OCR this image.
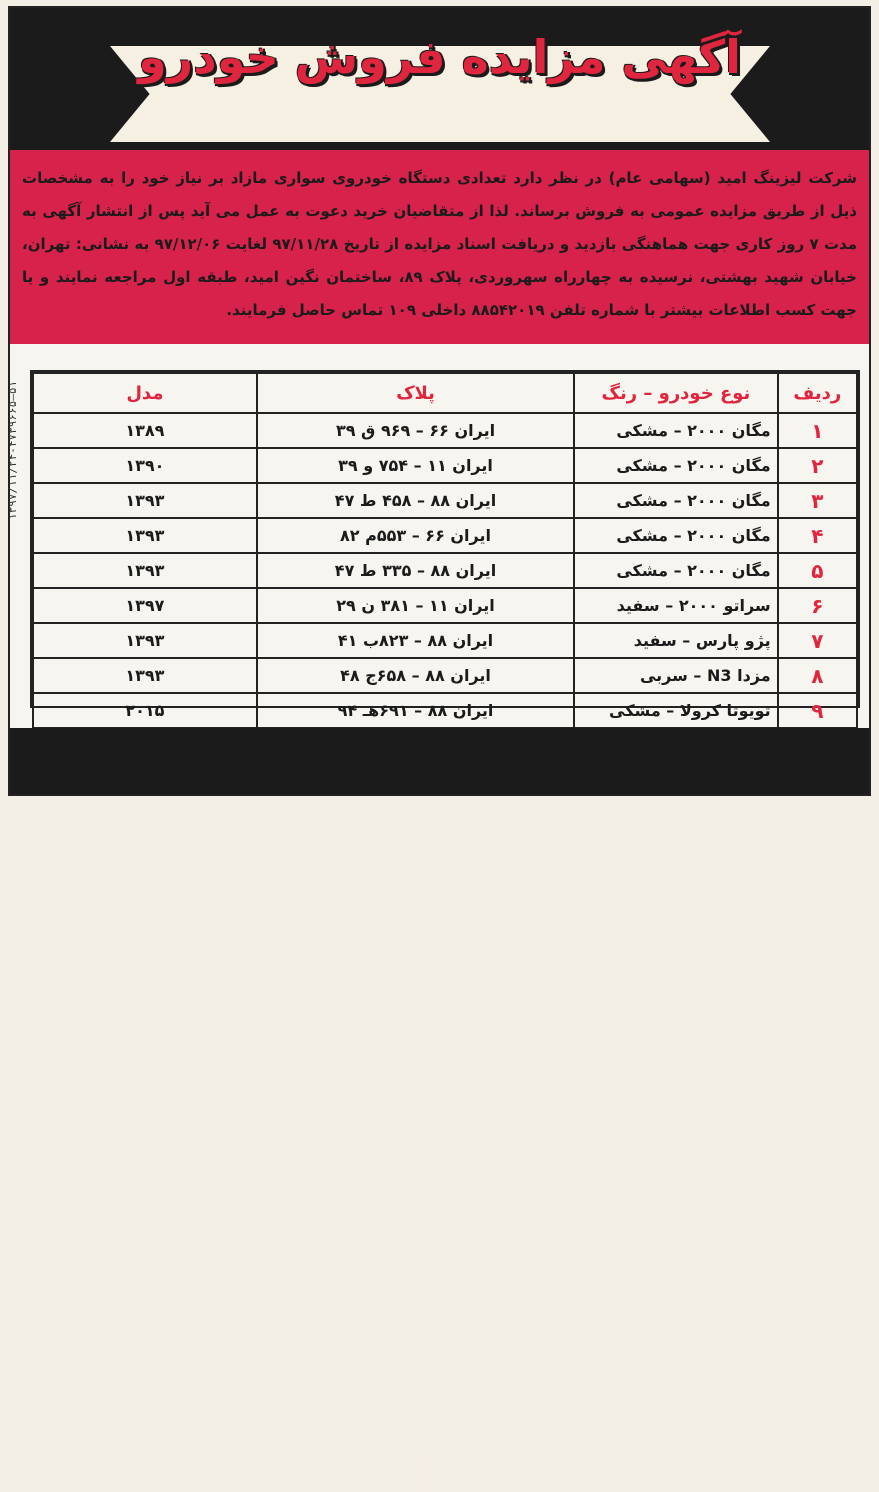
آگهی مزایده فروش خودرو
شرکت لیزینگ امید (سهامی عام) در نظر دارد تعدادی دستگاه خودروی سواری مازاد بر نیاز خود را به مشخصات ذیل از طریق مزایده عمومی به فروش برساند. لذا از متقاضیان خرید دعوت به عمل می آید پس از انتشار آگهی به مدت ۷ روز کاری جهت هماهنگی بازدید و دریافت اسناد مزایده از تاریخ ۹۷/۱۱/۲۸ لغایت ۹۷/۱۲/۰۶ به نشانی: تهران، خیابان شهید بهشتی، نرسیده به چهارراه سهروردی، پلاک ۸۹، ساختمان نگین امید، طبقه اول مراجعه نمایند و یا جهت کسب اطلاعات بیشتر با شماره تلفن ۸۸۵۴۲۰۱۹ داخلی ۱۰۹ تماس حاصل فرمایند.
ردیف	نوع خودرو – رنگ	پلاک	مدل
۱	مگان ۲۰۰۰ – مشکی	ایران ۶۶ – ۹۶۹ ق ۳۹	۱۳۸۹
۲	مگان ۲۰۰۰ – مشکی	ایران ۱۱ – ۷۵۴ و ۳۹	۱۳۹۰
۳	مگان ۲۰۰۰ – مشکی	ایران ۸۸ – ۴۵۸ ط ۴۷	۱۳۹۳
۴	مگان ۲۰۰۰ – مشکی	ایران ۶۶ – ۵۵۳م ۸۲	۱۳۹۳
۵	مگان ۲۰۰۰ – مشکی	ایران ۸۸ – ۳۳۵ ط ۴۷	۱۳۹۳
۶	سراتو ۲۰۰۰ – سفید	ایران ۱۱ – ۳۸۱ ن ۲۹	۱۳۹۷
۷	پژو پارس – سفید	ایران ۸۸ – ۸۲۳ب ۴۱	۱۳۹۳
۸	مزدا N3 – سربی	ایران ۸۸ – ۶۵۸ج ۴۸	۱۳۹۳
۹	تویوتا کرولا – مشکی	ایران ۸۸ – ۶۹۱هـ ۹۴	۲۰۱۵
۵۱–۱۳۹۷/۱۱/۲۴-۴۷۳۹۶۶۵
